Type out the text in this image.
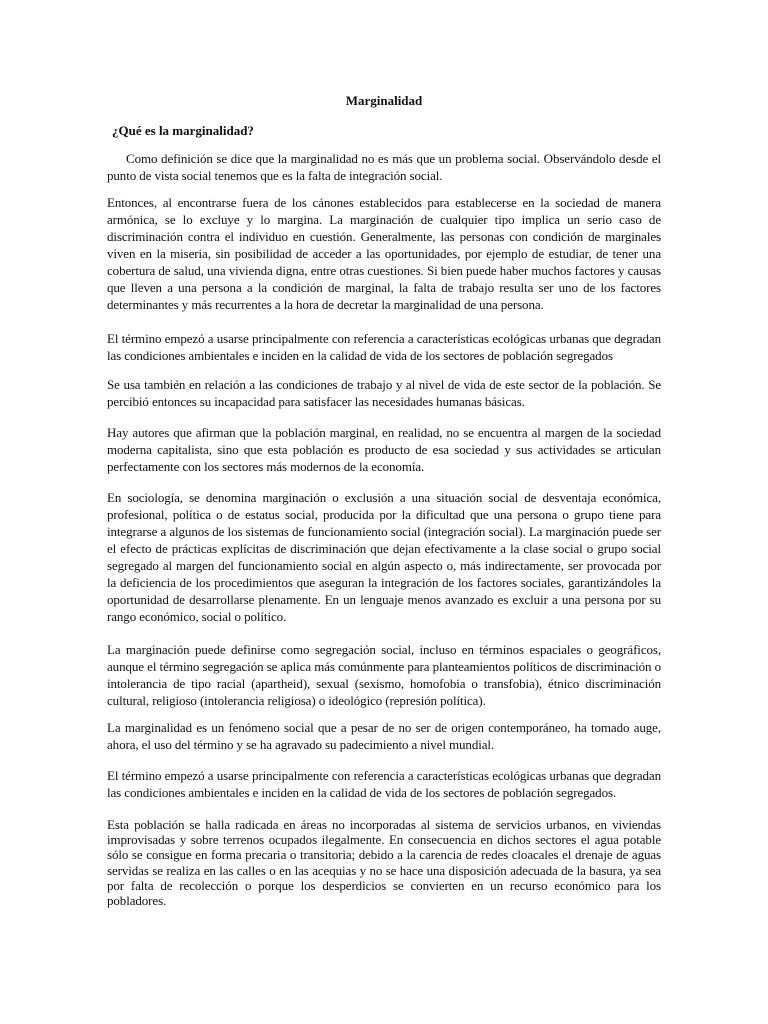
Marginalidad
¿Qué es la marginalidad?

Como definición se dice que la marginalidad no es más que un problema social. Observándolo desde el punto de vista social tenemos que es la falta de integración social.

Entonces, al encontrarse fuera de los cánones establecidos para establecerse en la sociedad de manera armónica, se lo excluye y lo margina. La marginación de cualquier tipo implica un serio caso de discriminación contra el individuo en cuestión. Generalmente, las personas con condición de marginales viven en la miseria, sin posibilidad de acceder a las oportunidades, por ejemplo de estudiar, de tener una cobertura de salud, una vivienda digna, entre otras cuestiones. Si bien puede haber muchos factores y causas que lleven a una persona a la condición de marginal, la falta de trabajo resulta ser uno de los factores determinantes y más recurrentes a la hora de decretar la marginalidad de una persona.

El término empezó a usarse principalmente con referencia a características ecológicas urbanas que degradan las condiciones ambientales e inciden en la calidad de vida de los sectores de población segregados

Se usa también en relación a las condiciones de trabajo y al nivel de vida de este sector de la población. Se percibió entonces su incapacidad para satisfacer las necesidades humanas básicas.

Hay autores que afirman que la población marginal, en realidad, no se encuentra al margen de la sociedad moderna capitalista, sino que esta población es producto de esa sociedad y sus actividades se articulan perfectamente con los sectores más modernos de la economía.

En sociología, se denomina marginación o exclusión a una situación social de desventaja económica, profesional, política o de estatus social, producida por la dificultad que una persona o grupo tiene para integrarse a algunos de los sistemas de funcionamiento social (integración social). La marginación puede ser el efecto de prácticas explícitas de discriminación que dejan efectivamente a la clase social o grupo social segregado al margen del funcionamiento social en algún aspecto o, más indirectamente, ser provocada por la deficiencia de los procedimientos que aseguran la integración de los factores sociales, garantizándoles la oportunidad de desarrollarse plenamente. En un lenguaje menos avanzado es excluir a una persona por su rango económico, social o político.

La marginación puede definirse como segregación social, incluso en términos espaciales o geográficos, aunque el término segregación se aplica más comúnmente para planteamientos políticos de discriminación o intolerancia de tipo racial (apartheid), sexual (sexismo, homofobia o transfobia), étnico discriminación cultural, religioso (intolerancia religiosa) o ideológico (represión política).

La marginalidad es un fenómeno social que a pesar de no ser de origen contemporáneo, ha tomado auge, ahora, el uso del término y se ha agravado su padecimiento a nivel mundial.

El término empezó a usarse principalmente con referencia a características ecológicas urbanas que degradan las condiciones ambientales e inciden en la calidad de vida de los sectores de población segregados.

Esta población se halla radicada en áreas no incorporadas al sistema de servicios urbanos, en viviendas improvisadas y sobre terrenos ocupados ilegalmente. En consecuencia en dichos sectores el agua potable sólo se consigue en forma precaria o transitoria; debido a la carencia de redes cloacales el drenaje de aguas servidas se realiza en las calles o en las acequias y no se hace una disposición adecuada de la basura, ya sea por falta de recolección o porque los desperdicios se convierten en un recurso económico para los pobladores.
